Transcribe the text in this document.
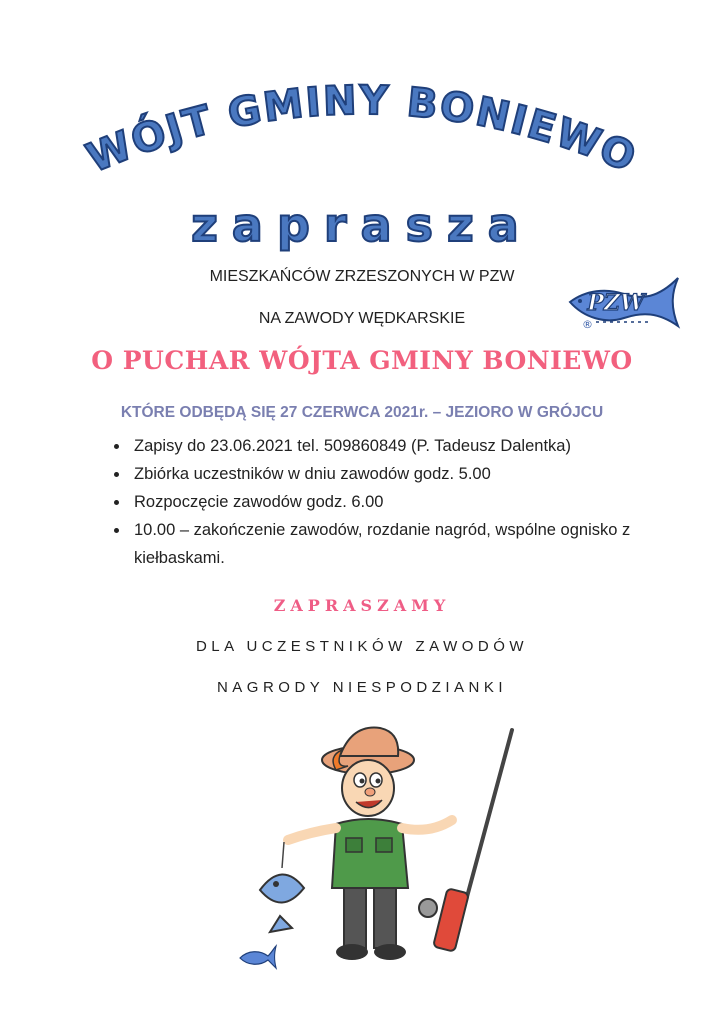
WÓJT GMINY BONIEWO
zaprasza
MIESZKAŃCÓW ZRZESZONYCH W PZW
NA ZAWODY WĘDKARSKIE
PZW
®
O PUCHAR WÓJTA GMINY BONIEWO
KTÓRE ODBĘDĄ SIĘ 27 CZERWCA 2021r. – JEZIORO W GRÓJCU
• Zapisy do 23.06.2021 tel. 509860849 (P. Tadeusz Dalentka)
• Zbiórka uczestników w dniu zawodów godz. 5.00
• Rozpoczęcie zawodów godz. 6.00
• 10.00 – zakończenie zawodów, rozdanie nagród, wspólne ognisko z kiełbaskami.
ZAPRASZAMY
DLA UCZESTNIKÓW ZAWODÓW
NAGRODY NIESPODZIANKI
